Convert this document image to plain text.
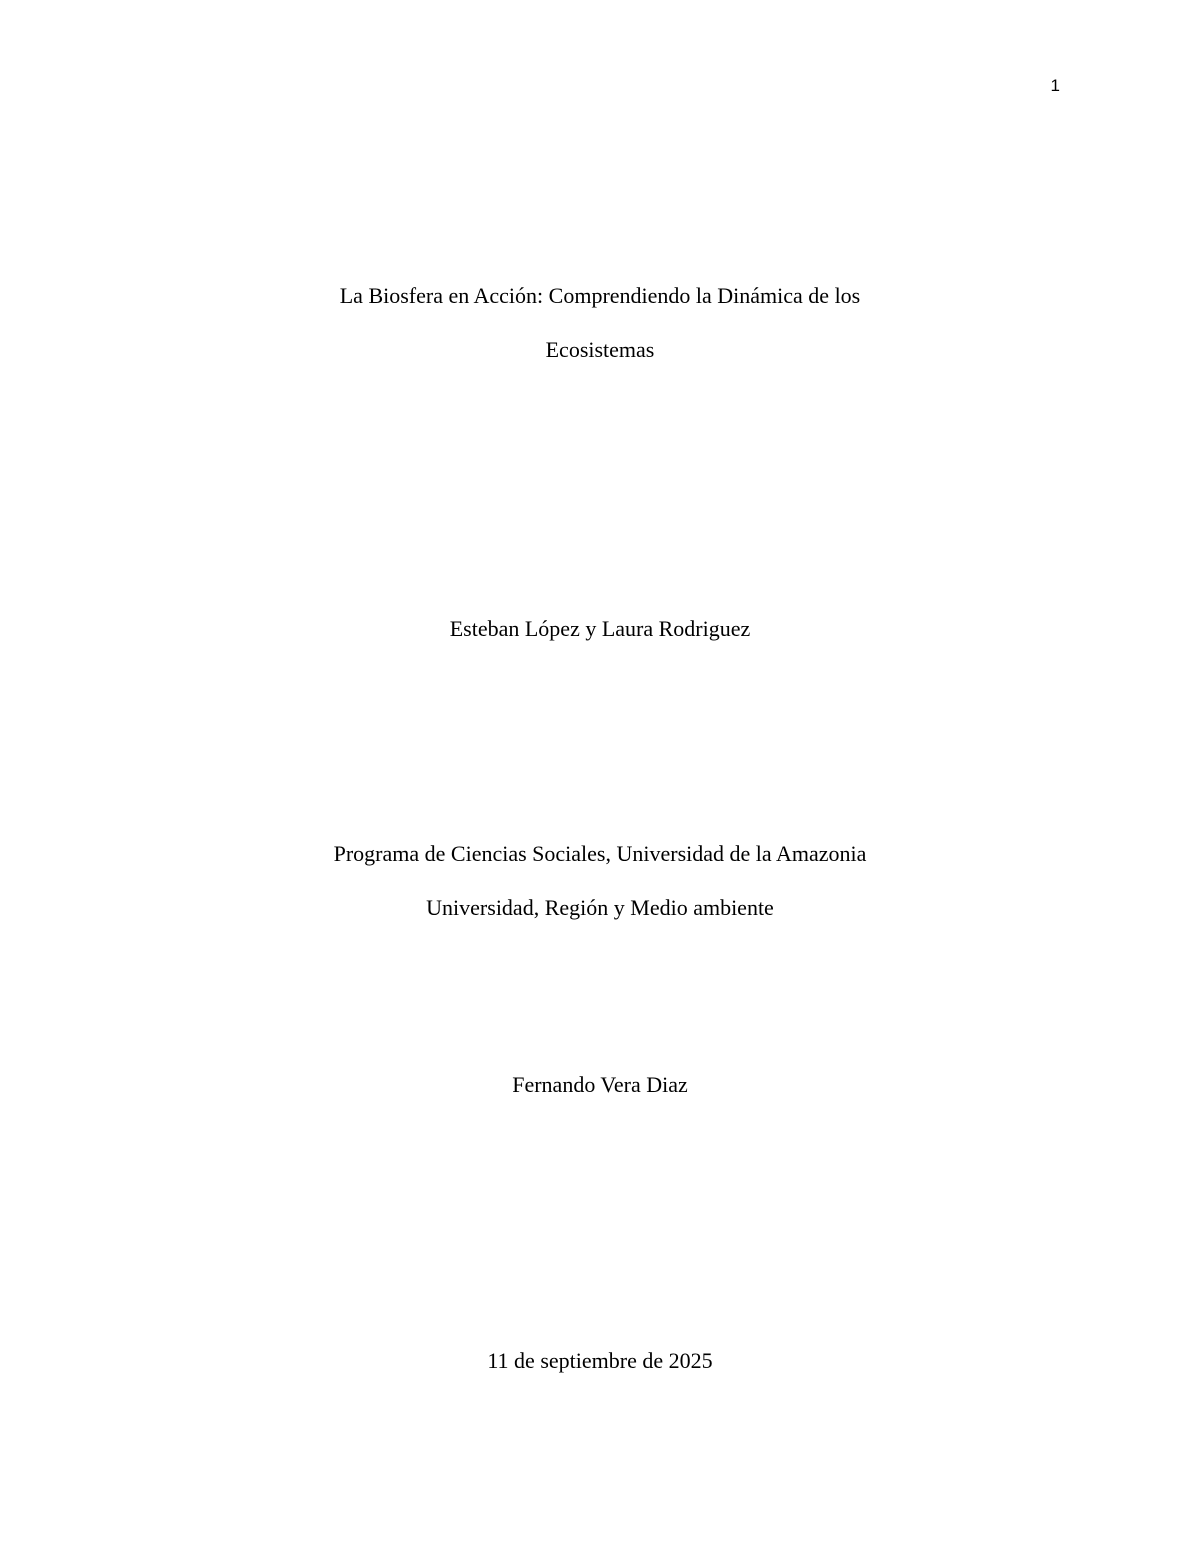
1
La Biosfera en Acción: Comprendiendo la Dinámica de los
Ecosistemas
Esteban López y Laura Rodriguez
Programa de Ciencias Sociales, Universidad de la Amazonia
Universidad, Región y Medio ambiente
Fernando Vera Diaz
11 de septiembre de 2025
